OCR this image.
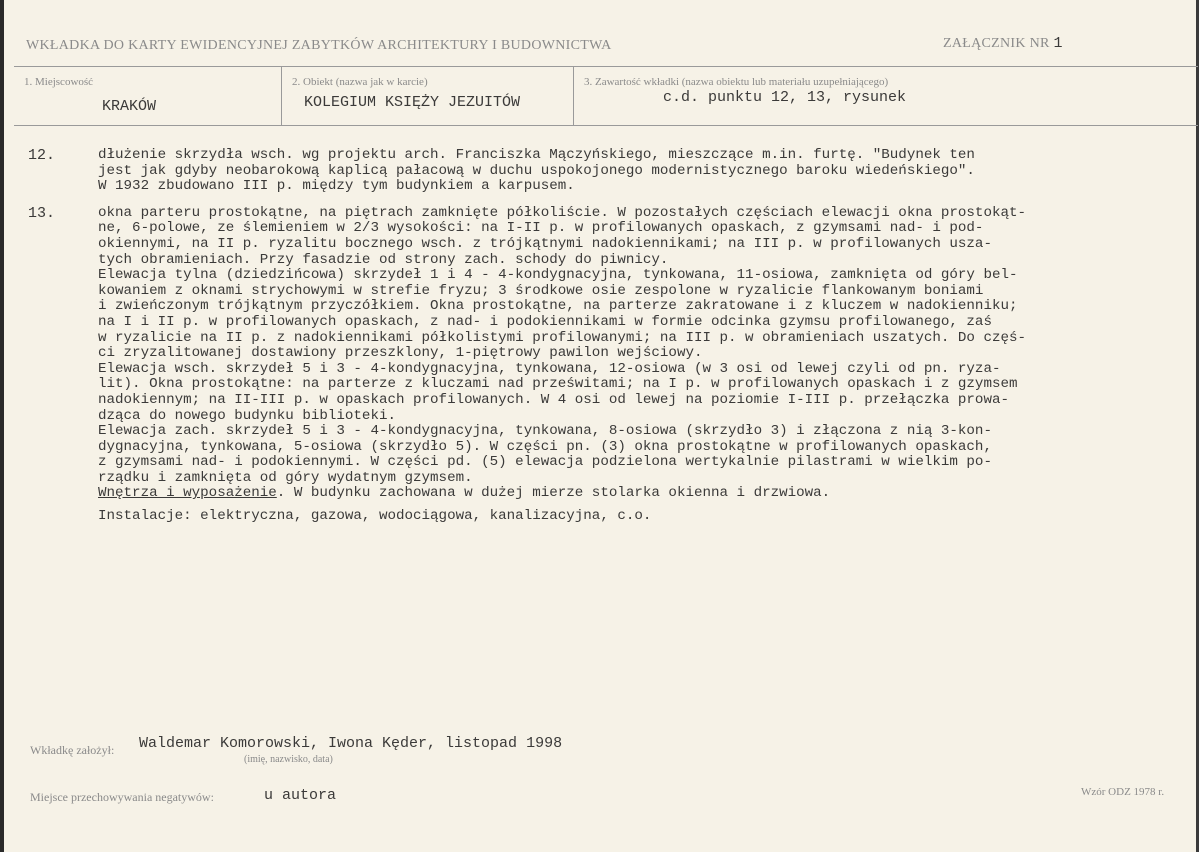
WKŁADKA DO KARTY EWIDENCYJNEJ ZABYTKÓW ARCHITEKTURY I BUDOWNICTWA	ZAŁĄCZNIK NR 1
1. Miejscowość
KRAKÓW
2. Obiekt (nazwa jak w karcie)
KOLEGIUM KSIĘŻY JEZUITÓW
3. Zawartość wkładki (nazwa obiektu lub materiału uzupełniającego)
c.d. punktu 12, 13, rysunek
12.	dłużenie skrzydła wsch. wg projektu arch. Franciszka Mączyńskiego, mieszczące m.in. furtę. "Budynek ten
jest jak gdyby neobarokową kaplicą pałacową w duchu uspokojonego modernistycznego baroku wiedeńskiego".
W 1932 zbudowano III p. między tym budynkiem a karpusem.
13.	okna parteru prostokątne, na piętrach zamknięte półkoliście. W pozostałych częściach elewacji okna prostokąt-
ne, 6-polowe, ze ślemieniem w 2/3 wysokości: na I-II p. w profilowanych opaskach, z gzymsami nad- i pod-
okiennymi, na II p. ryzalitu bocznego wsch. z trójkątnymi nadokiennikami; na III p. w profilowanych usza-
tych obramieniach. Przy fasadzie od strony zach. schody do piwnicy.
Elewacja tylna (dziedzińcowa) skrzydeł 1 i 4 - 4-kondygnacyjna, tynkowana, 11-osiowa, zamknięta od góry bel-
kowaniem z oknami strychowymi w strefie fryzu; 3 środkowe osie zespolone w ryzalicie flankowanym boniami
i zwieńczonym trójkątnym przyczółkiem. Okna prostokątne, na parterze zakratowane i z kluczem w nadokienniku;
na I i II p. w profilowanych opaskach, z nad- i podokiennikami w formie odcinka gzymsu profilowanego, zaś
w ryzalicie na II p. z nadokiennikami półkolistymi profilowanymi; na III p. w obramieniach uszatych. Do częś-
ci zryzalitowanej dostawiony przeszklony, 1-piętrowy pawilon wejściowy.
Elewacja wsch. skrzydeł 5 i 3 - 4-kondygnacyjna, tynkowana, 12-osiowa (w 3 osi od lewej czyli od pn. ryza-
lit). Okna prostokątne: na parterze z kluczami nad prześwitami; na I p. w profilowanych opaskach i z gzymsem
nadokiennym; na II-III p. w opaskach profilowanych. W 4 osi od lewej na poziomie I-III p. przełączka prowa-
dząca do nowego budynku biblioteki.
Elewacja zach. skrzydeł 5 i 3 - 4-kondygnacyjna, tynkowana, 8-osiowa (skrzydło 3) i złączona z nią 3-kon-
dygnacyjna, tynkowana, 5-osiowa (skrzydło 5). W części pn. (3) okna prostokątne w profilowanych opaskach,
z gzymsami nad- i podokiennymi. W części pd. (5) elewacja podzielona wertykalnie pilastrami w wielkim po-
rządku i zamknięta od góry wydatnym gzymsem.
Wnętrza i wyposażenie. W budynku zachowana w dużej mierze stolarka okienna i drzwiowa.
Instalacje: elektryczna, gazowa, wodociągowa, kanalizacyjna, c.o.
Wkładkę założył: Waldemar Komorowski, Iwona Kęder, listopad 1998
(imię, nazwisko, data)
Miejsce przechowywania negatywów:	u autora	Wzór ODZ 1978 r.
